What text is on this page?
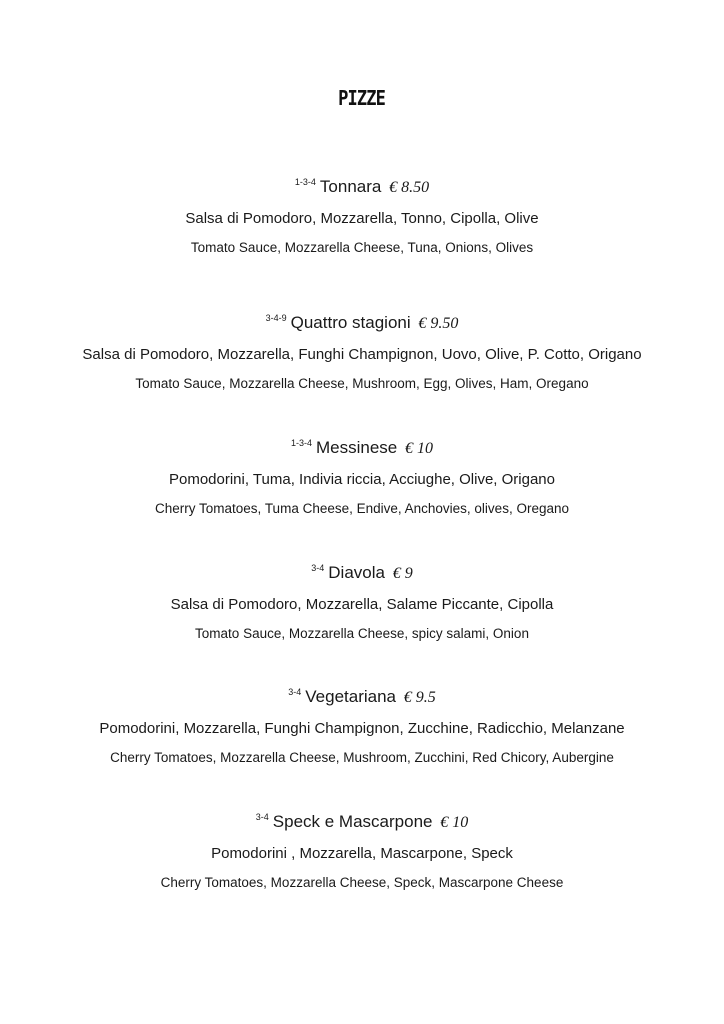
PIZZE
$^{1-3-4}$ Tonnara € 8.50
Salsa di Pomodoro, Mozzarella, Tonno, Cipolla, Olive
Tomato Sauce, Mozzarella Cheese, Tuna, Onions, Olives
$^{3-4-9}$ Quattro stagioni € 9.50
Salsa di Pomodoro, Mozzarella, Funghi Champignon, Uovo, Olive, P. Cotto, Origano
Tomato Sauce, Mozzarella Cheese, Mushroom, Egg, Olives, Ham, Oregano
$^{1-3-4}$ Messinese € 10
Pomodorini, Tuma, Indivia riccia, Acciughe, Olive, Origano
Cherry Tomatoes, Tuma Cheese, Endive, Anchovies, olives, Oregano
$^{3-4}$ Diavola € 9
Salsa di Pomodoro, Mozzarella, Salame Piccante, Cipolla
Tomato Sauce, Mozzarella Cheese, spicy salami, Onion
$^{3-4}$ Vegetariana € 9.5
Pomodorini, Mozzarella, Funghi Champignon, Zucchine, Radicchio, Melanzane
Cherry Tomatoes, Mozzarella Cheese, Mushroom, Zucchini, Red Chicory, Aubergine
$^{3-4}$ Speck e Mascarpone € 10
Pomodorini , Mozzarella, Mascarpone, Speck
Cherry Tomatoes, Mozzarella Cheese, Speck, Mascarpone Cheese
